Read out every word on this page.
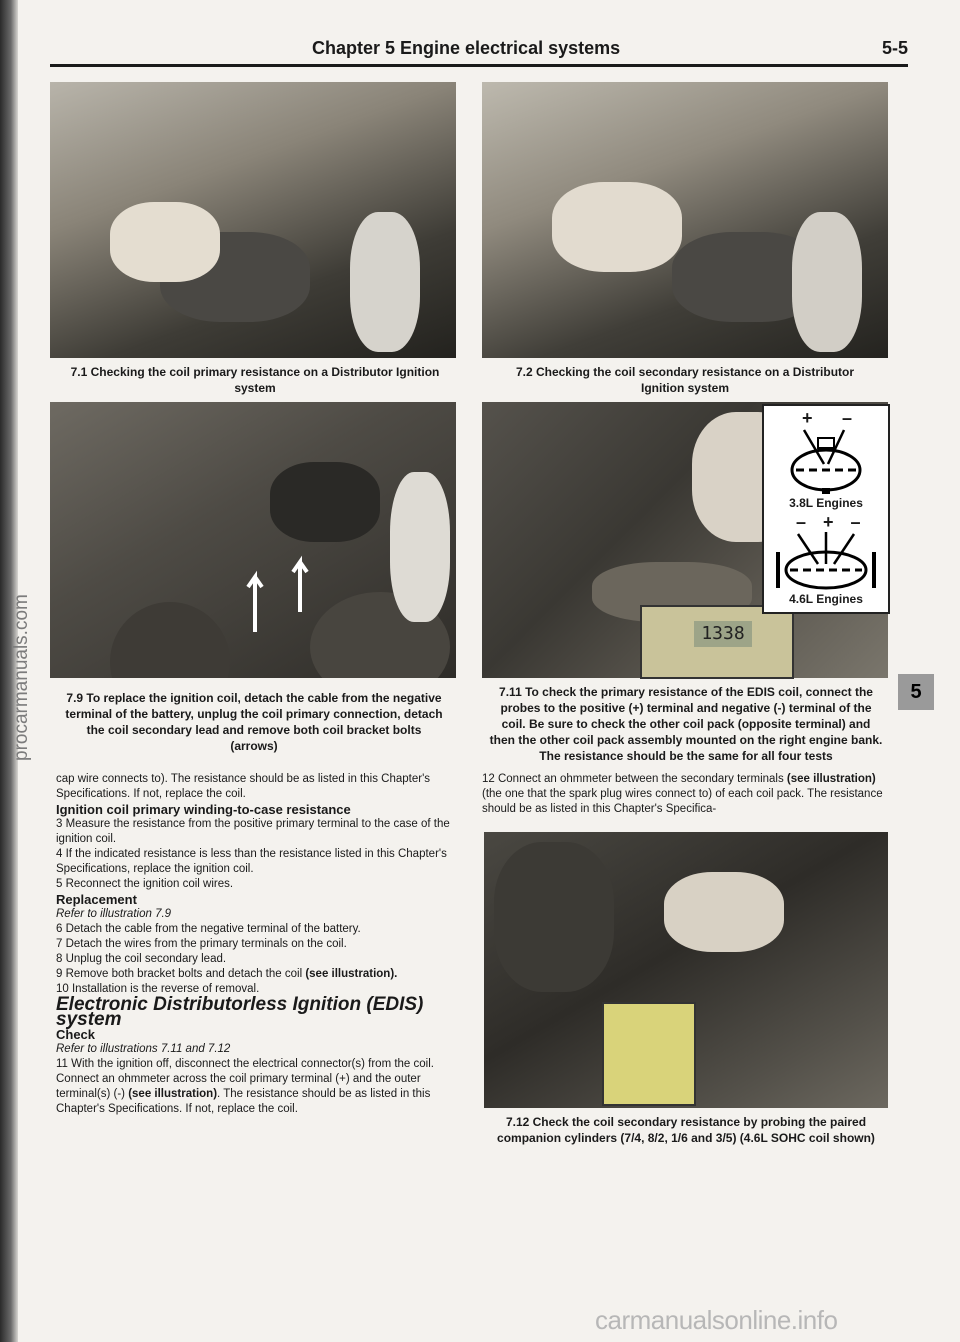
procarmanuals.com
Chapter 5 Engine electrical systems	5-5
7.1 Checking the coil primary resistance on a Distributor Ignition system
7.2 Checking the coil secondary resistance on a Distributor Ignition system
7.9 To replace the ignition coil, detach the cable from the negative terminal of the battery, unplug the coil primary connection, detach the coil secondary lead and remove both coil bracket bolts (arrows)
1338
+ –
3.8L Engines
– + –
4.6L Engines
7.11 To check the primary resistance of the EDIS coil, connect the probes to the positive (+) terminal and negative (-) terminal of the coil. Be sure to check the other coil pack (opposite terminal) and then the other coil pack assembly mounted on the right engine bank. The resistance should be the same for all four tests
5

cap wire connects to). The resistance should be as listed in this Chapter's Specifications. If not, replace the coil.

Ignition coil primary winding-to-case resistance

3 Measure the resistance from the positive primary terminal to the case of the ignition coil.

4 If the indicated resistance is less than the resistance listed in this Chapter's Specifications, replace the ignition coil.

5 Reconnect the ignition coil wires.

Replacement

Refer to illustration 7.9

6 Detach the cable from the negative terminal of the battery.

7 Detach the wires from the primary terminals on the coil.

8 Unplug the coil secondary lead.

9 Remove both bracket bolts and detach the coil (see illustration).

10 Installation is the reverse of removal.

Electronic Distributorless Ignition (EDIS) system

Check

Refer to illustrations 7.11 and 7.12

11 With the ignition off, disconnect the electrical connector(s) from the coil. Connect an ohmmeter across the coil primary terminal (+) and the outer terminal(s) (-) (see illustration). The resistance should be as listed in this Chapter's Specifications. If not, replace the coil.

12 Connect an ohmmeter between the secondary terminals (see illustration) (the one that the spark plug wires connect to) of each coil pack. The resistance should be as listed in this Chapter's Specifica-

7.12 Check the coil secondary resistance by probing the paired companion cylinders (7/4, 8/2, 1/6 and 3/5) (4.6L SOHC coil shown)
carmanualsonline.info
